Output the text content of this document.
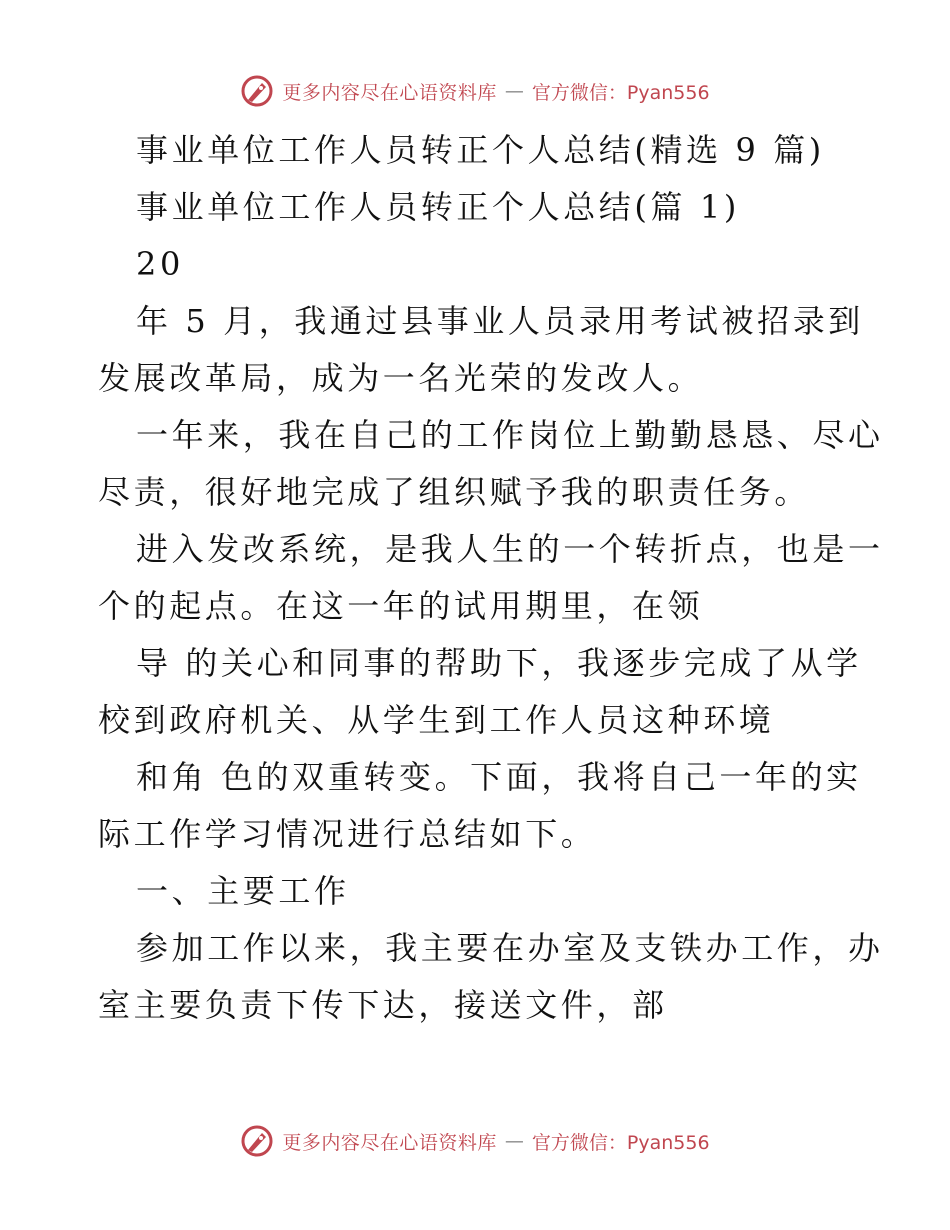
更多内容尽在心语资料库 — 官方微信：Pyan556
事业单位工作人员转正个人总结(精选 9 篇)
事业单位工作人员转正个人总结(篇 1)
20
年 5 月，我通过县事业人员录用考试被招录到
发展改革局，成为一名光荣的发改人。
一年来，我在自己的工作岗位上勤勤恳恳、尽心
尽责，很好地完成了组织赋予我的职责任务。
进入发改系统，是我人生的一个转折点，也是一
个的起点。在这一年的试用期里，在领
导 的关心和同事的帮助下，我逐步完成了从学
校到政府机关、从学生到工作人员这种环境
和角 色的双重转变。下面，我将自己一年的实
际工作学习情况进行总结如下。
一、主要工作
参加工作以来，我主要在办室及支铁办工作，办
室主要负责下传下达，接送文件，部
更多内容尽在心语资料库 — 官方微信：Pyan556
